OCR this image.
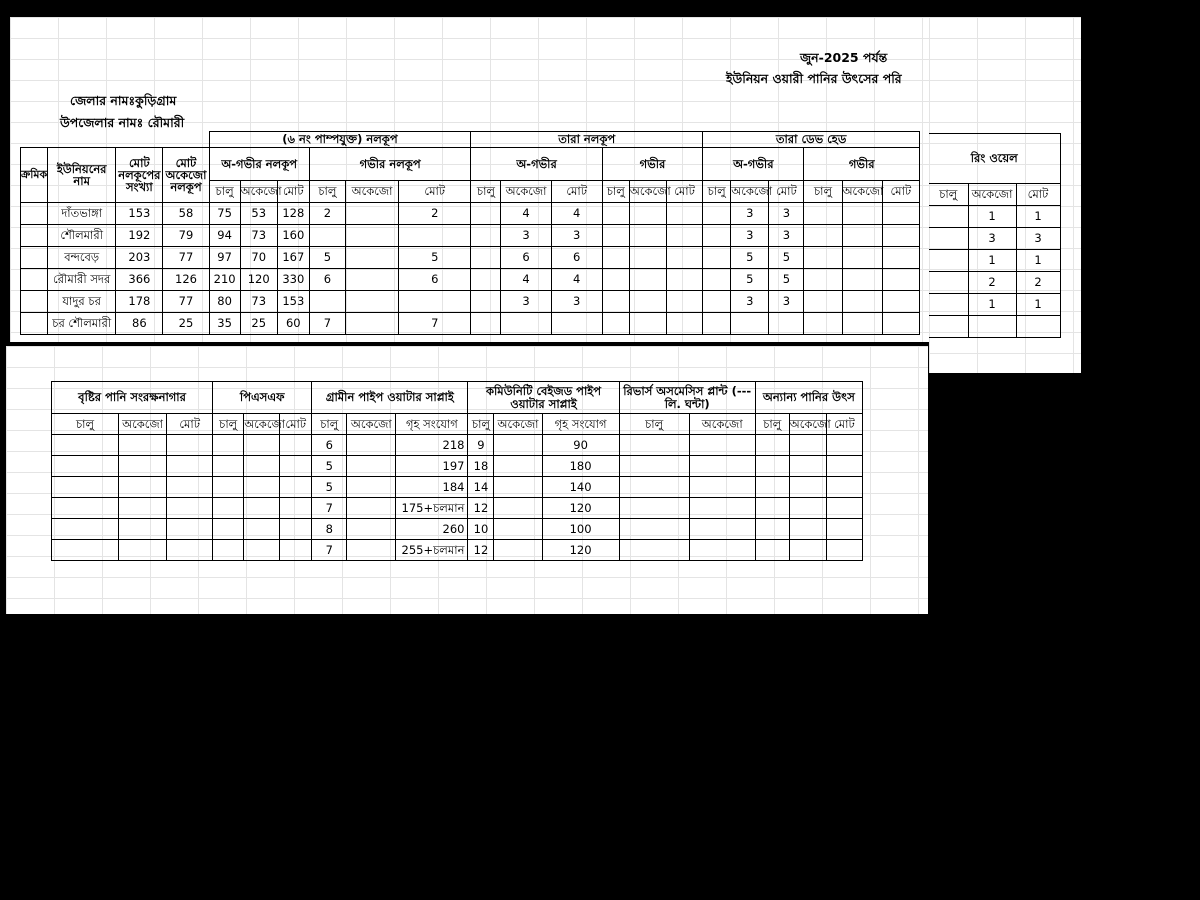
জুন-2025 পর্যন্ত
ইউনিয়ন ওয়ারী পানির উৎসের পরি
জেলার নামঃকুড়িগ্রাম
উপজেলার নামঃ রৌমারী
				(৬ নং পাম্পযুক্ত) নলকূপ						তারা নলকূপ						তারা ডেভ হেড					
ক্রমিক	ইউনিয়নের নাম	মোট নলকূপের সংখ্যা	মোট অকেজো নলকূপ	অ-গভীর নলকূপ			গভীর নলকূপ			অ-গভীর			গভীর			অ-গভীর			গভীর		
				চালু	অকেজো	মোট	চালু	অকেজো	মোট	চালু	অকেজো	মোট	চালু	অকেজো	মোট	চালু	অকেজো	মোট	চালু	অকেজো	মোট
	দাঁতভাঙ্গা	153	58	75	53	128	2		2		4	4					3	3			
	শৌলমারী	192	79	94	73	160					3	3					3	3			
	বন্দবেড়	203	77	97	70	167	5		5		6	6					5	5			
	রৌমারী সদর	366	126	210	120	330	6		6		4	4					5	5			
	যাদুর চর	178	77	80	73	153					3	3					3	3			
	চর শৌলমারী	86	25	35	25	60	7		7												
রিং ওয়েল		
চালু	অকেজো	মোট
	1	1
	3	3
	1	1
	2	2
	1	1

বৃষ্টির পানি সংরক্ষনাগার			পিএসএফ			গ্রামীন পাইপ ওয়াটার সাপ্লাই			কমিউনিটি বেইজড পাইপ ওয়াটার সাপ্লাই			রিভার্স অসমেসিস প্লান্ট (--- লি. ঘন্টা)		অন্যান্য পানির উৎস		
চালু	অকেজো	মোট	চালু	অকেজো	মোট	চালু	অকেজো	গৃহ সংযোগ	চালু	অকেজো	গৃহ সংযোগ	চালু	অকেজো	চালু	অকেজো	মোট
						6		218	9		90					
						5		197	18		180					
						5		184	14		140					
						7		175+চলমান	12		120					
						8		260	10		100					
						7		255+চলমান	12		120					
